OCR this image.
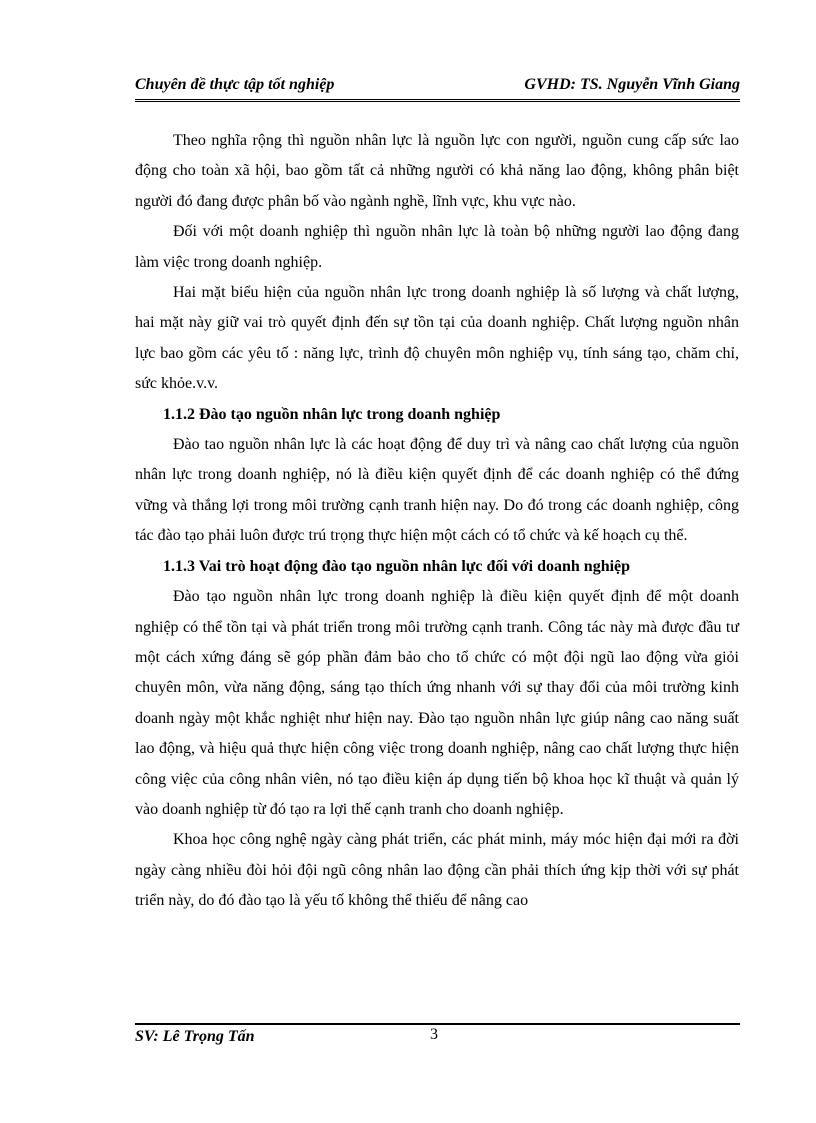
Chuyên đề thực tập tốt nghiệp	GVHD: TS. Nguyễn Vĩnh Giang

Theo nghĩa rộng thì nguồn nhân lực là nguồn lực con người, nguồn cung cấp sức lao động cho toàn xã hội, bao gồm tất cả những người có khả năng lao động, không phân biệt người đó đang được phân bố vào ngành nghề, lĩnh vực, khu vực nào.

Đối với một doanh nghiệp thì nguồn nhân lực là toàn bộ những người lao động đang làm việc trong doanh nghiệp.

Hai mặt biểu hiện của nguồn nhân lực trong doanh nghiệp là số lượng và chất lượng, hai mặt này giữ vai trò quyết định đến sự tồn tại của doanh nghiệp. Chất lượng nguồn nhân lực bao gồm các yêu tố : năng lực, trình độ chuyên môn nghiệp vụ, tính sáng tạo, chăm chỉ, sức khỏe.v.v.

1.1.2 Đào tạo nguồn nhân lực trong doanh nghiệp

Đào tao nguồn nhân lực là các hoạt động để duy trì và nâng cao chất lượng của nguồn nhân lực trong doanh nghiệp, nó là điều kiện quyết định để các doanh nghiệp có thể đứng vững và thắng lợi trong môi trường cạnh tranh hiện nay. Do đó trong các doanh nghiệp, công tác đào tạo phải luôn được trú trọng thực hiện một cách có tổ chức và kế hoạch cụ thể.

1.1.3 Vai trò hoạt động đào tạo nguồn nhân lực đối với doanh nghiệp

Đào tạo nguồn nhân lực trong doanh nghiệp là điều kiện quyết định để một doanh nghiệp có thể tồn tại và phát triển trong môi trường cạnh tranh. Công tác này mà được đầu tư một cách xứng đáng sẽ góp phần đảm bảo cho tổ chức có một đội ngũ lao động vừa giỏi chuyên môn, vừa năng động, sáng tạo thích ứng nhanh với sự thay đổi của môi trường kinh doanh ngày một khắc nghiệt như hiện nay. Đào tạo nguồn nhân lực giúp nâng cao năng suất lao động, và hiệu quả thực hiện công việc trong doanh nghiệp, nâng cao chất lượng thực hiện công việc của công nhân viên, nó tạo điều kiện áp dụng tiến bộ khoa học kĩ thuật và quản lý vào doanh nghiệp từ đó tạo ra lợi thế cạnh tranh cho doanh nghiệp.

Khoa học công nghệ ngày càng phát triển, các phát minh, máy móc hiện đại mới ra đời ngày càng nhiều đòi hỏi đội ngũ công nhân lao động cần phải thích ứng kịp thời với sự phát triển này, do đó đào tạo là yếu tố không thể thiếu để nâng cao

SV: Lê Trọng Tấn	3
